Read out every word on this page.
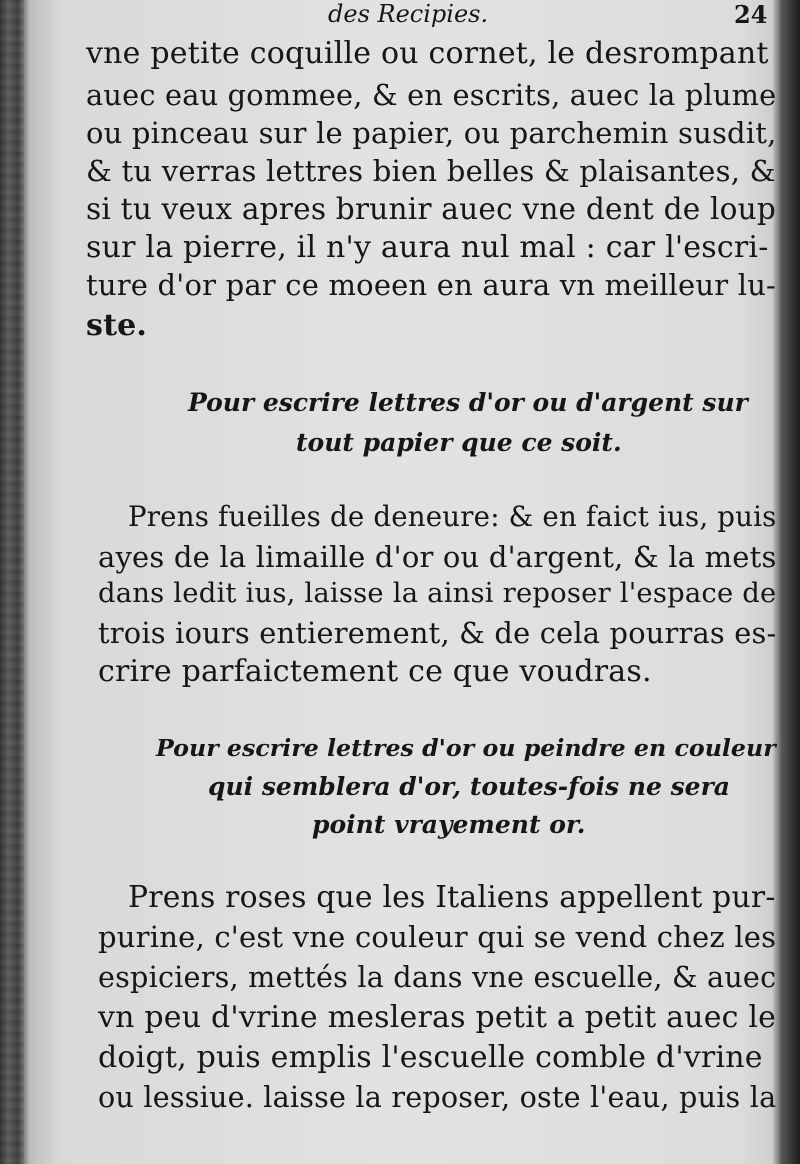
des Recipies.	24
vne petite coquille ou cornet, le desrompant
auec eau gommee, & en escrits, auec la plume
ou pinceau sur le papier, ou parchemin susdit,
& tu verras lettres bien belles & plaisantes, &
si tu veux apres brunir auec vne dent de loup
sur la pierre, il n'y aura nul mal : car l'escri-
ture d'or par ce moeen en aura vn meilleur lu-
ste.
Pour escrire lettres d'or ou d'argent sur
tout papier que ce soit.
Prens fueilles de deneure: & en faict ius, puis
ayes de la limaille d'or ou d'argent, & la mets
dans ledit ius, laisse la ainsi reposer l'espace de
trois iours entierement, & de cela pourras es-
crire parfaictement ce que voudras.
Pour escrire lettres d'or ou peindre en couleur
qui semblera d'or, toutes-fois ne sera
point vrayement or.
Prens roses que les Italiens appellent pur-
purine, c'est vne couleur qui se vend chez les
espiciers, mettés la dans vne escuelle, & auec
vn peu d'vrine mesleras petit a petit auec le
doigt, puis emplis l'escuelle comble d'vrine
ou lessiue. laisse la reposer, oste l'eau, puis la
